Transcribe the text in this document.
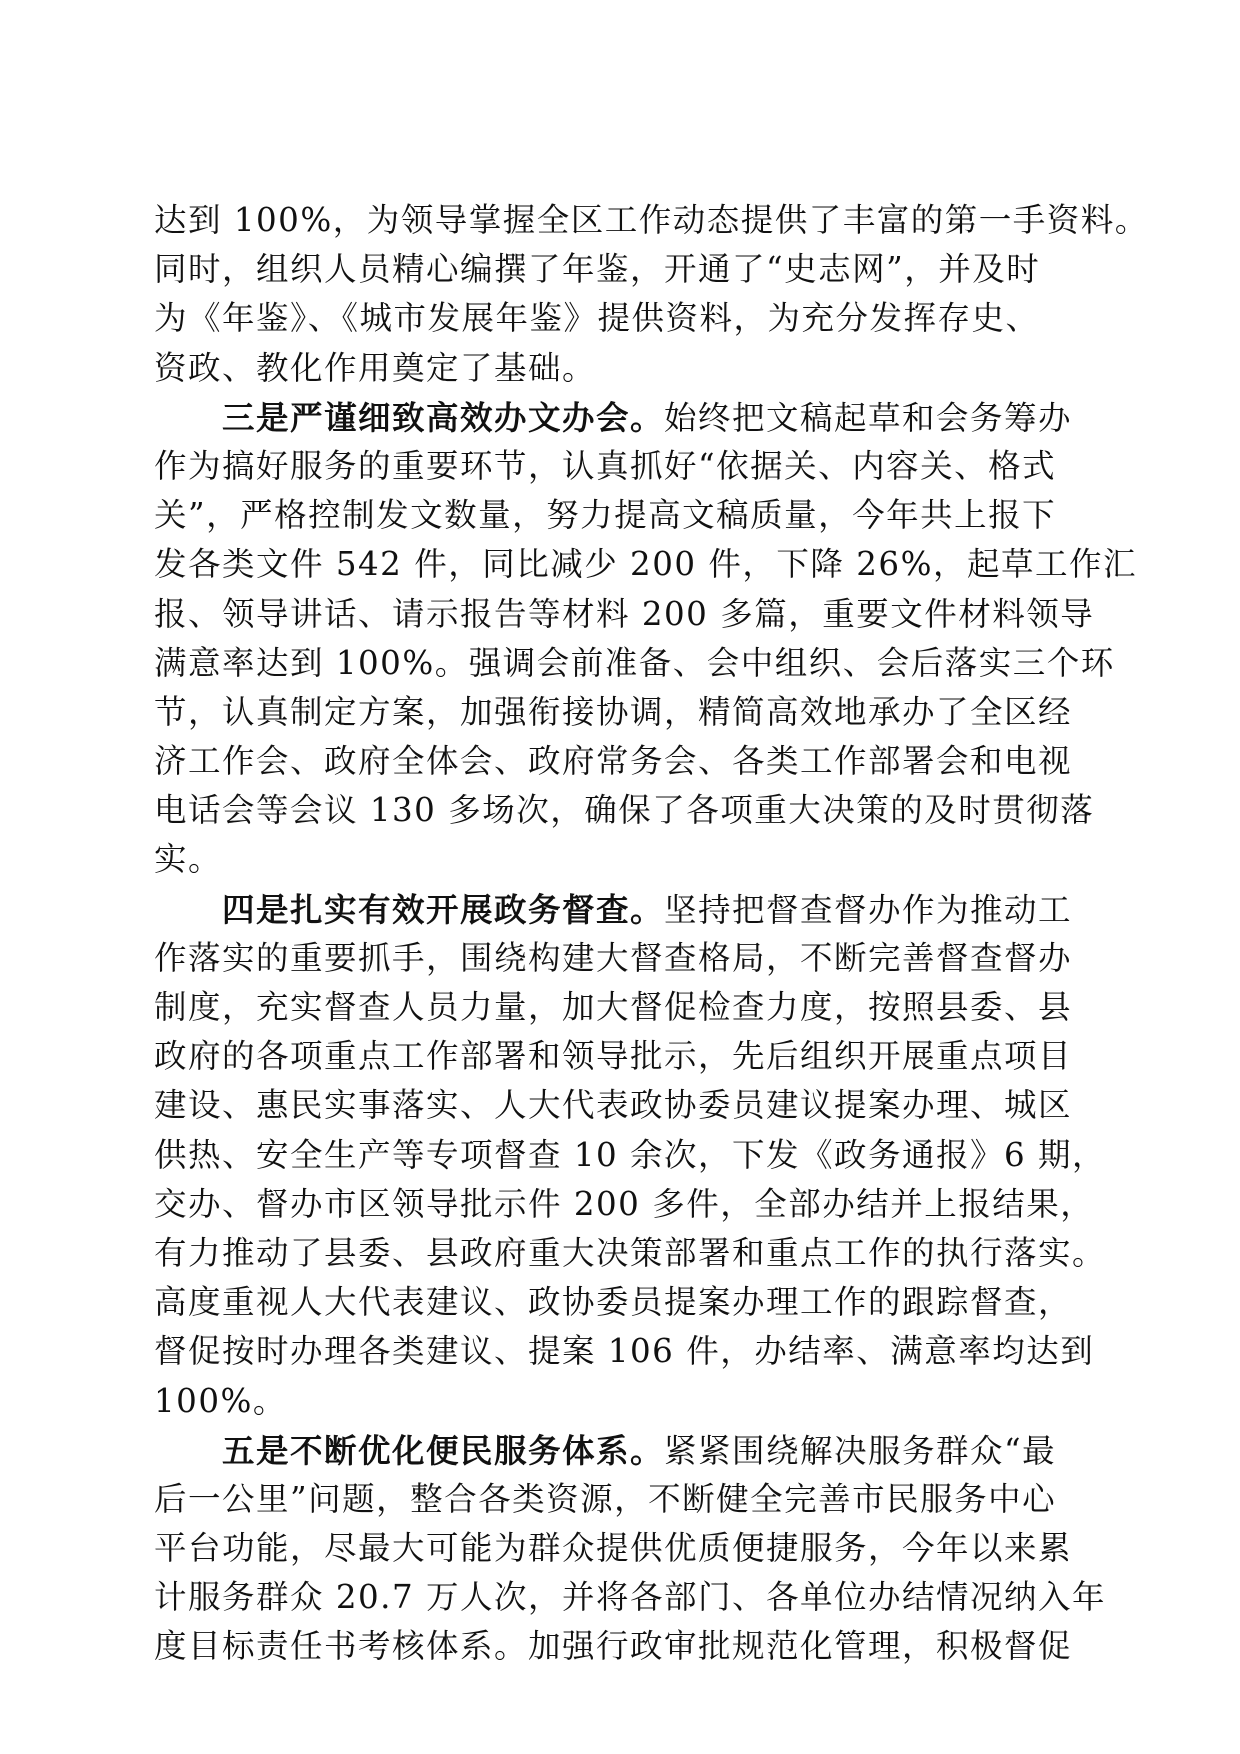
达到 100%，为领导掌握全区工作动态提供了丰富的第一手资料。
同时，组织人员精心编撰了年鉴，开通了“史志网”，并及时
为《年鉴》、《城市发展年鉴》提供资料，为充分发挥存史、
资政、教化作用奠定了基础。
三是严谨细致高效办文办会。始终把文稿起草和会务筹办
作为搞好服务的重要环节，认真抓好“依据关、内容关、格式
关”，严格控制发文数量，努力提高文稿质量，今年共上报下
发各类文件 542 件，同比减少 200 件，下降 26%，起草工作汇
报、领导讲话、请示报告等材料 200 多篇，重要文件材料领导
满意率达到 100%。强调会前准备、会中组织、会后落实三个环
节，认真制定方案，加强衔接协调，精简高效地承办了全区经
济工作会、政府全体会、政府常务会、各类工作部署会和电视
电话会等会议 130 多场次，确保了各项重大决策的及时贯彻落
实。
四是扎实有效开展政务督查。坚持把督查督办作为推动工
作落实的重要抓手，围绕构建大督查格局，不断完善督查督办
制度，充实督查人员力量，加大督促检查力度，按照县委、县
政府的各项重点工作部署和领导批示，先后组织开展重点项目
建设、惠民实事落实、人大代表政协委员建议提案办理、城区
供热、安全生产等专项督查 10 余次，下发《政务通报》6 期，
交办、督办市区领导批示件 200 多件，全部办结并上报结果，
有力推动了县委、县政府重大决策部署和重点工作的执行落实。
高度重视人大代表建议、政协委员提案办理工作的跟踪督查，
督促按时办理各类建议、提案 106 件，办结率、满意率均达到
100%。
五是不断优化便民服务体系。紧紧围绕解决服务群众“最
后一公里”问题，整合各类资源，不断健全完善市民服务中心
平台功能，尽最大可能为群众提供优质便捷服务，今年以来累
计服务群众 20.7 万人次，并将各部门、各单位办结情况纳入年
度目标责任书考核体系。加强行政审批规范化管理，积极督促
